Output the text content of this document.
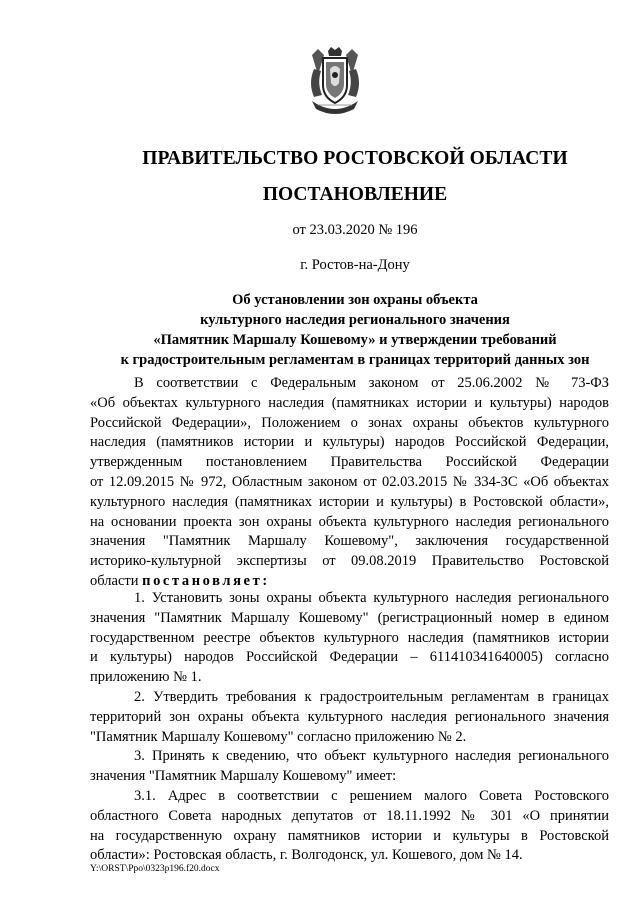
ПРАВИТЕЛЬСТВО РОСТОВСКОЙ ОБЛАСТИ
ПОСТАНОВЛЕНИЕ
от 23.03.2020 № 196
г. Ростов-на-Дону
Об установлении зон охраны объекта
культурного наследия регионального значения
«Памятник Маршалу Кошевому» и утверждении требований
к градостроительным регламентам в границах территорий данных зон
В соответствии с Федеральным законом от 25.06.2002 № 73-ФЗ
«Об объектах культурного наследия (памятниках истории и культуры) народов
Российской Федерации», Положением о зонах охраны объектов культурного
наследия (памятников истории и культуры) народов Российской Федерации,
утвержденным постановлением Правительства Российской Федерации
от 12.09.2015 № 972, Областным законом от 02.03.2015 № 334-ЗС «Об объектах
культурного наследия (памятниках истории и культуры) в Ростовской области»,
на основании проекта зон охраны объекта культурного наследия регионального
значения "Памятник Маршалу Кошевому", заключения государственной
историко-культурной экспертизы от 09.08.2019 Правительство Ростовской
области постановляет:
1. Установить зоны охраны объекта культурного наследия регионального
значения "Памятник Маршалу Кошевому" (регистрационный номер в едином
государственном реестре объектов культурного наследия (памятников истории
и культуры) народов Российской Федерации – 611410341640005) согласно
приложению № 1.
2. Утвердить требования к градостроительным регламентам в границах
территорий зон охраны объекта культурного наследия регионального значения
"Памятник Маршалу Кошевому" согласно приложению № 2.
3. Принять к сведению, что объект культурного наследия регионального
значения "Памятник Маршалу Кошевому" имеет:
3.1. Адрес в соответствии с решением малого Совета Ростовского
областного Совета народных депутатов от 18.11.1992 № 301 «О принятии
на государственную охрану памятников истории и культуры в Ростовской
области»: Ростовская область, г. Волгодонск, ул. Кошевого, дом № 14.
Y:\ORST\Ppo\0323p196.f20.docx
